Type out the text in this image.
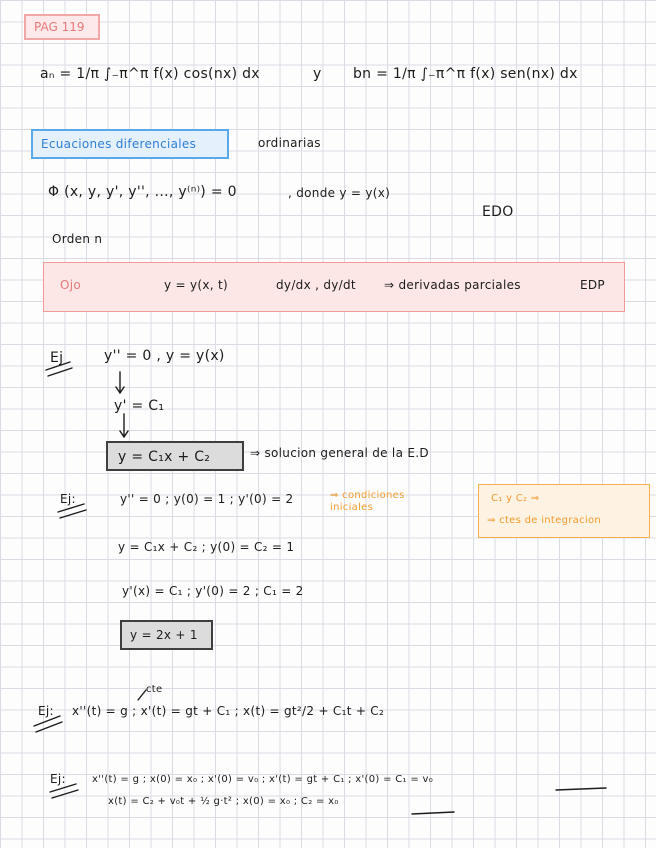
PAG 119
aₙ = 1/π ∫₋π^π f(x) cos(nx) dx	y bn = 1/π ∫₋π^π f(x) sen(nx) dx
Ecuaciones diferenciales	ordinarias
Φ (x, y, y', y'', ..., y⁽ⁿ⁾) = 0	, donde y = y(x)
EDO
Orden n
Ojo	y = y(x, t)	dy/dx , dy/dt ⇒ derivadas parciales	EDP
Ej	y'' = 0 , y = y(x)
y' = C₁
y = C₁x + C₂	⇒ solucion general de la E.D
Ej:	y'' = 0 ; y(0) = 1 ; y'(0) = 2	⇒ condiciones iniciales
y = C₁x + C₂ ; y(0) = C₂ = 1
y'(x) = C₁ ; y'(0) = 2 ; C₁ = 2
y = 2x + 1
C₁ y C₂ ⇒
⇒ ctes de integracion
Ej:
cte
x''(t) = g ; x'(t) = gt + C₁ ; x(t) = gt²/2 + C₁t + C₂
Ej:	x''(t) = g ; x(0) = x₀ ; x'(0) = v₀ ; x'(t) = gt + C₁ ; x'(0) = C₁ = v₀
x(t) = C₂ + v₀t + ½ g·t² ; x(0) = x₀ ; C₂ = x₀
